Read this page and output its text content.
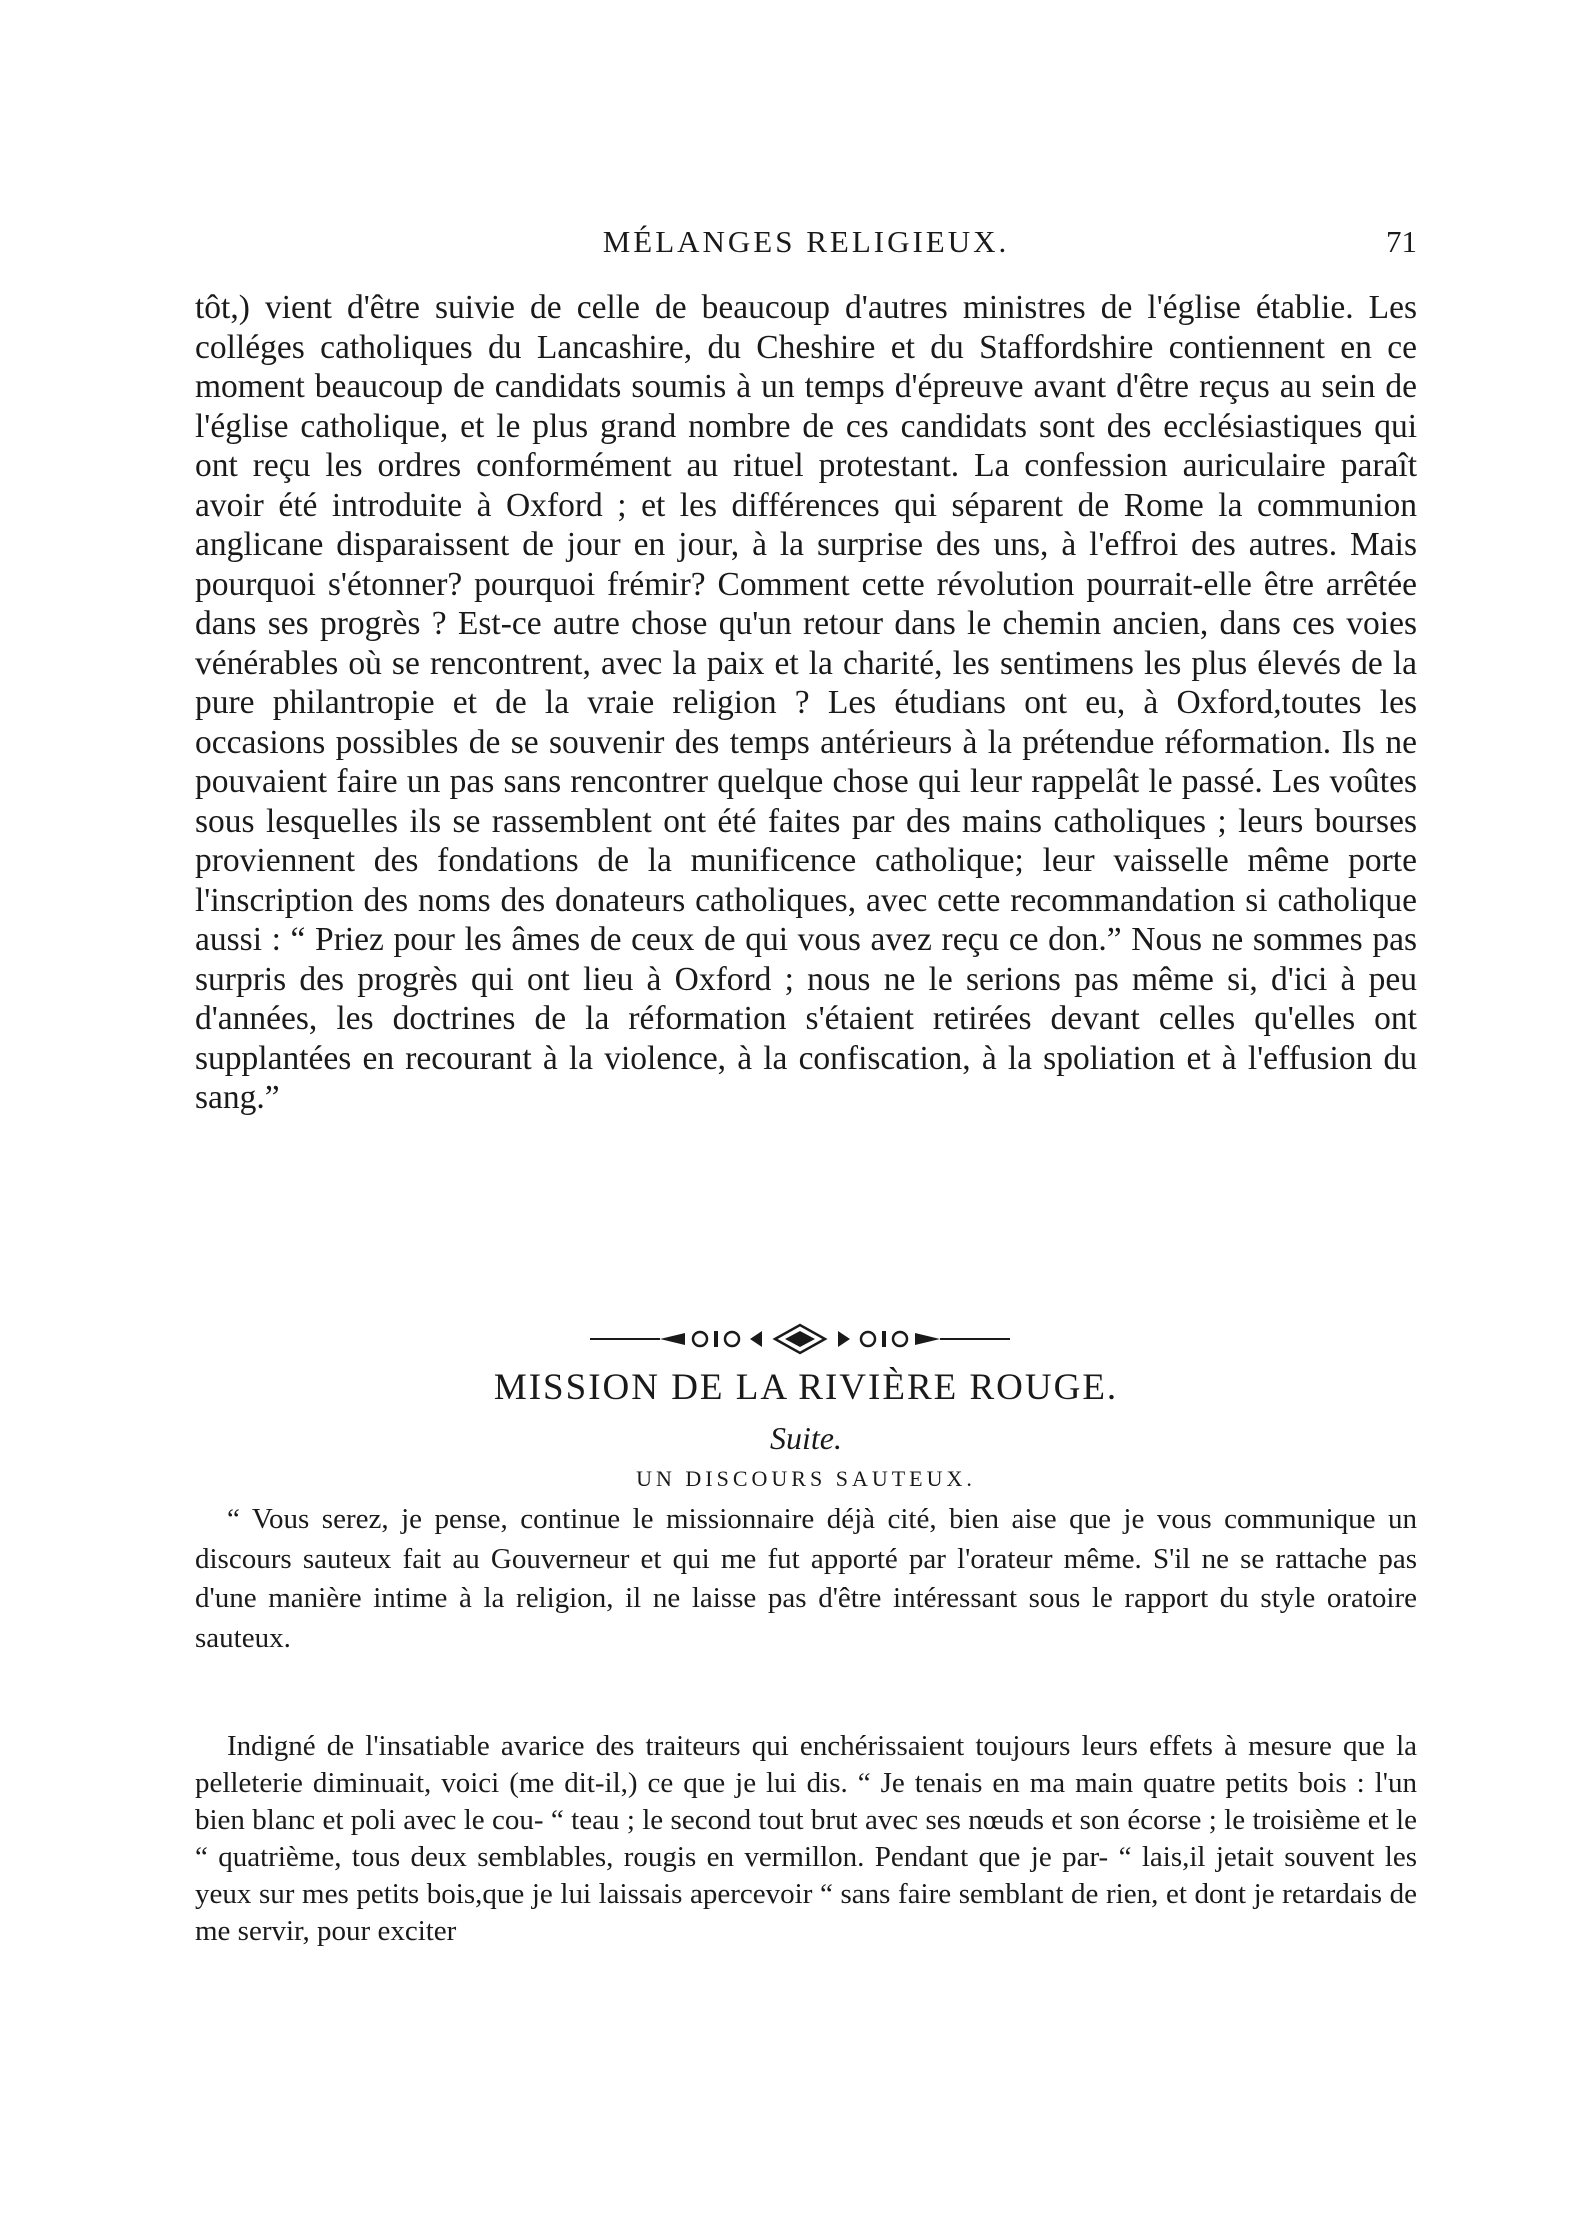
MÉLANGES RELIGIEUX.	71

tôt,) vient d'être suivie de celle de beaucoup d'autres ministres de l'église établie. Les colléges catholiques du Lancashire, du Cheshire et du Staffordshire contiennent en ce moment beaucoup de candidats soumis à un temps d'épreuve avant d'être reçus au sein de l'église catholique, et le plus grand nombre de ces candidats sont des ecclésiastiques qui ont reçu les ordres conformément au rituel protestant. La confession auriculaire paraît avoir été introduite à Oxford ; et les différences qui séparent de Rome la communion anglicane disparaissent de jour en jour, à la surprise des uns, à l'effroi des autres. Mais pourquoi s'étonner? pourquoi frémir? Comment cette révolution pourrait-elle être arrêtée dans ses progrès ? Est-ce autre chose qu'un retour dans le chemin ancien, dans ces voies vénérables où se rencontrent, avec la paix et la charité, les sentimens les plus élevés de la pure philantropie et de la vraie religion ? Les étudians ont eu, à Oxford,toutes les occasions possibles de se souvenir des temps antérieurs à la prétendue réformation. Ils ne pouvaient faire un pas sans rencontrer quelque chose qui leur rappelât le passé. Les voûtes sous lesquelles ils se rassemblent ont été faites par des mains catholiques ; leurs bourses proviennent des fondations de la munificence catholique; leur vaisselle même porte l'inscription des noms des donateurs catholiques, avec cette recommandation si catholique aussi : “ Priez pour les âmes de ceux de qui vous avez reçu ce don.” Nous ne sommes pas surpris des progrès qui ont lieu à Oxford ; nous ne le serions pas même si, d'ici à peu d'années, les doctrines de la réformation s'étaient retirées devant celles qu'elles ont supplantées en recourant à la violence, à la confiscation, à la spoliation et à l'effusion du sang.”

MISSION DE LA RIVIÈRE ROUGE.
Suite.
UN DISCOURS SAUTEUX.

“ Vous serez, je pense, continue le missionnaire déjà cité, bien aise que je vous communique un discours sauteux fait au Gouverneur et qui me fut apporté par l'orateur même. S'il ne se rattache pas d'une manière intime à la religion, il ne laisse pas d'être intéressant sous le rapport du style oratoire sauteux.

Indigné de l'insatiable avarice des traiteurs qui enchérissaient toujours leurs effets à mesure que la pelleterie diminuait, voici (me dit-il,) ce que je lui dis. “ Je tenais en ma main quatre petits bois : l'un bien blanc et poli avec le cou- “ teau ; le second tout brut avec ses nœuds et son écorse ; le troisième et le “ quatrième, tous deux semblables, rougis en vermillon. Pendant que je par- “ lais,il jetait souvent les yeux sur mes petits bois,que je lui laissais apercevoir “ sans faire semblant de rien, et dont je retardais de me servir, pour exciter
